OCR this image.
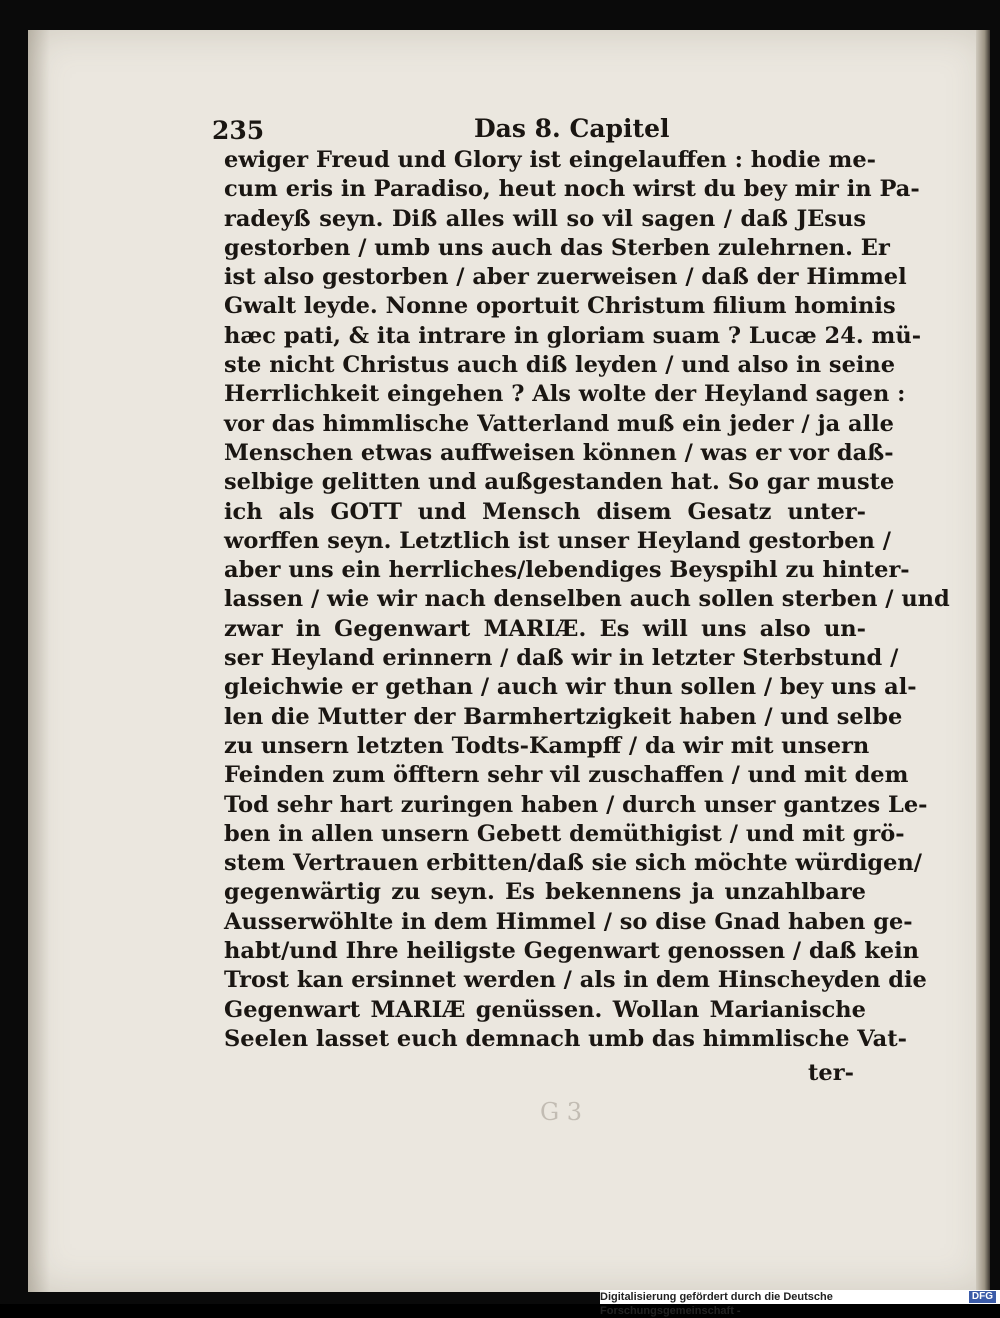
235	Das 8. Capitel
ewiger Freud und Glory ist eingelauffen : hodie me-
cum eris in Paradiso, heut noch wirst du bey mir in Pa-
radeyß seyn. Diß alles will so vil sagen / daß JEsus
gestorben / umb uns auch das Sterben zulehrnen. Er
ist also gestorben / aber zuerweisen / daß der Himmel
Gwalt leyde. Nonne oportuit Christum filium hominis
hæc pati, & ita intrare in gloriam suam ? Lucæ 24. mü-
ste nicht Christus auch diß leyden / und also in seine
Herrlichkeit eingehen ? Als wolte der Heyland sagen :
vor das himmlische Vatterland muß ein jeder / ja alle
Menschen etwas auffweisen können / was er vor daß-
selbige gelitten und außgestanden hat. So gar muste
ich als GOTT und Mensch disem Gesatz unter-
worffen seyn. Letztlich ist unser Heyland gestorben /
aber uns ein herrliches/lebendiges Beyspihl zu hinter-
lassen / wie wir nach denselben auch sollen sterben / und
zwar in Gegenwart MARIÆ. Es will uns also un-
ser Heyland erinnern / daß wir in letzter Sterbstund /
gleichwie er gethan / auch wir thun sollen / bey uns al-
len die Mutter der Barmhertzigkeit haben / und selbe
zu unsern letzten Todts-Kampff / da wir mit unsern
Feinden zum öfftern sehr vil zuschaffen / und mit dem
Tod sehr hart zuringen haben / durch unser gantzes Le-
ben in allen unsern Gebett demüthigist / und mit grö-
stem Vertrauen erbitten/daß sie sich möchte würdigen/
gegenwärtig zu seyn. Es bekennens ja unzahlbare
Ausserwöhlte in dem Himmel / so dise Gnad haben ge-
habt/und Ihre heiligste Gegenwart genossen / daß kein
Trost kan ersinnet werden / als in dem Hinscheyden die
Gegenwart MARIÆ genüssen. Wollan Marianische
Seelen lasset euch demnach umb das himmlische Vat-
ter-
G 3
Digitalisierung gefördert durch die Deutsche Forschungsgemeinschaft -
DFG
